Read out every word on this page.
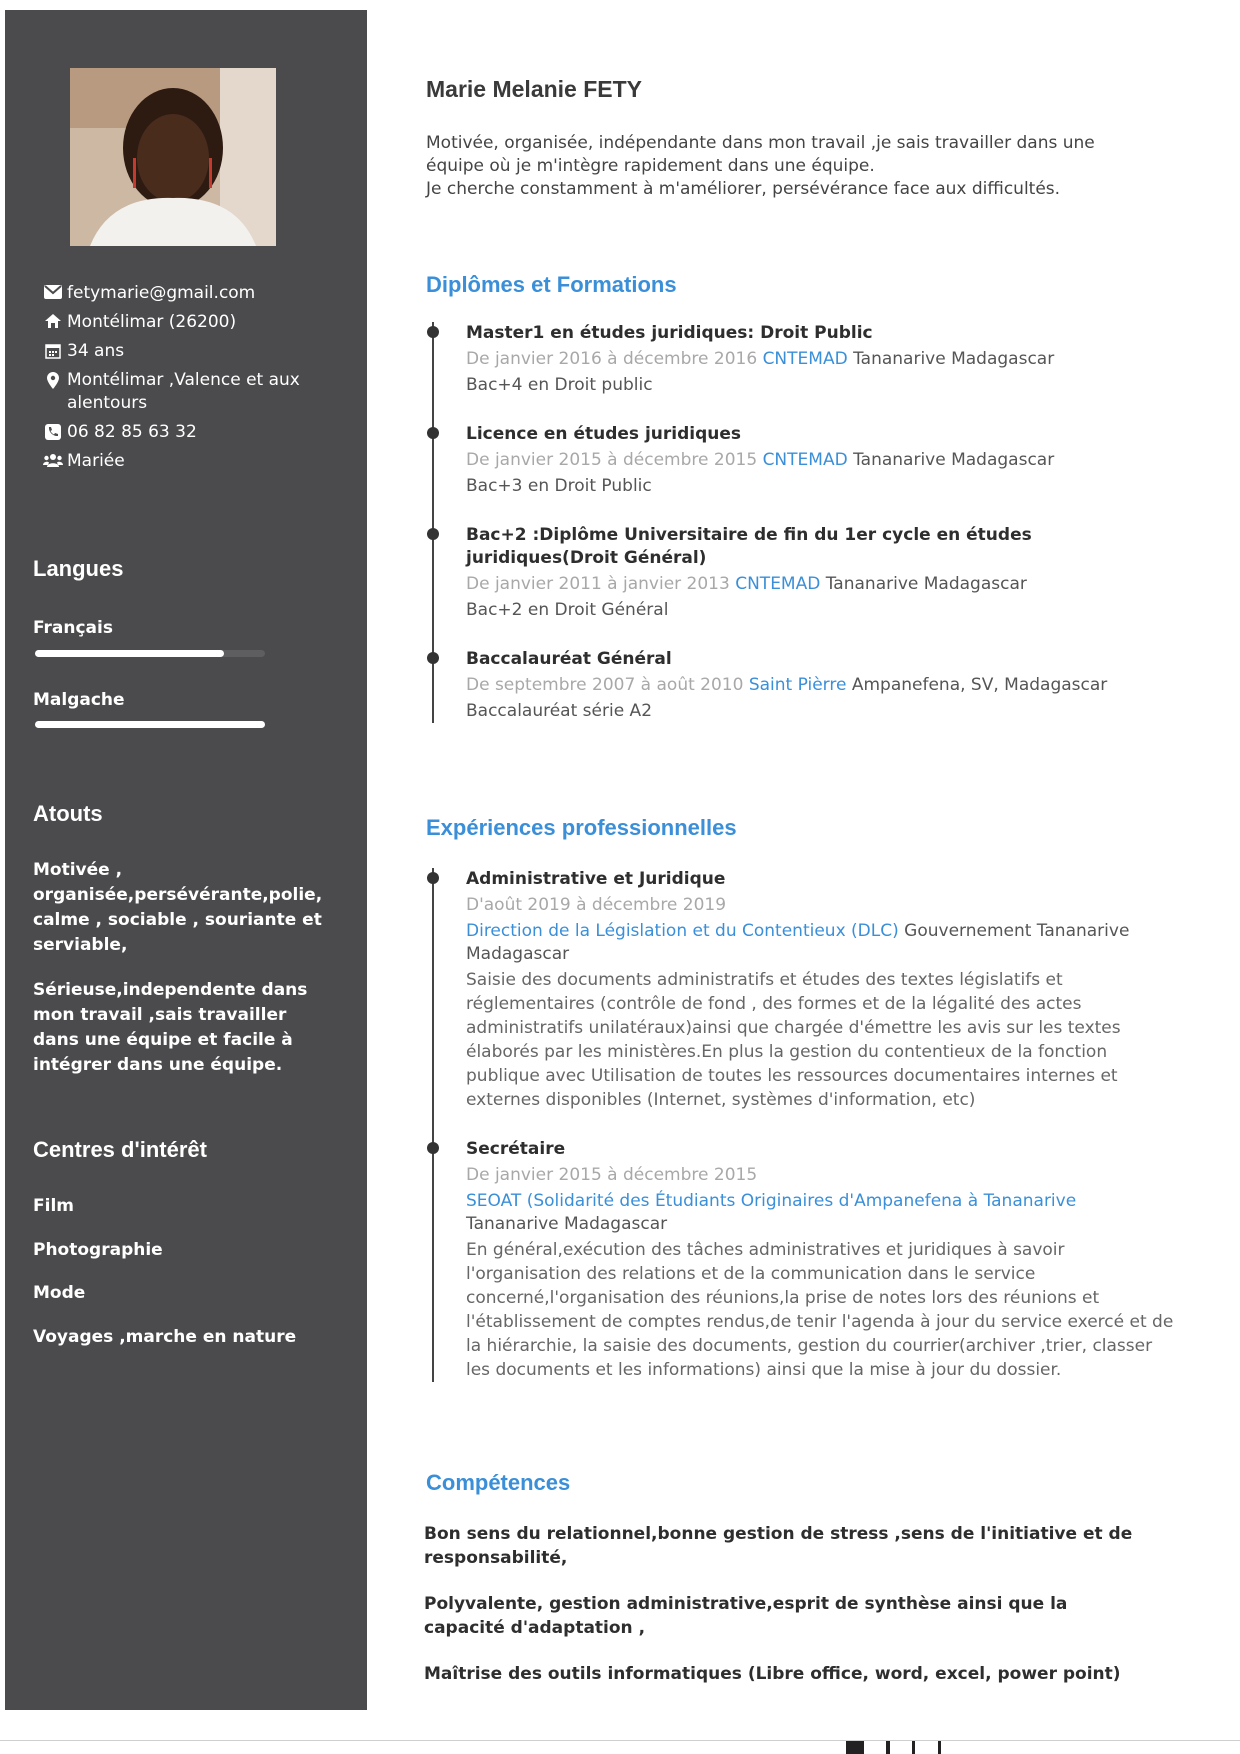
fetymarie@gmail.com
Montélimar (26200)
34 ans
Montélimar ,Valence et aux alentours
06 82 85 63 32
Mariée
Langues
Français
Malgache
Atouts
Motivée , organisée,persévérante,polie, calme , sociable , souriante et serviable,
Sérieuse,independente dans mon travail ,sais travailler dans une équipe et facile à intégrer dans une équipe.
Centres d'intérêt
Film
Photographie
Mode
Voyages ,marche en nature
Marie Melanie FETY
Motivée, organisée, indépendante dans mon travail ,je sais travailler dans une
équipe où je m'intègre rapidement dans une équipe.
Je cherche constamment à m'améliorer, persévérance face aux difficultés.
Diplômes et Formations
Master1 en études juridiques: Droit Public
De janvier 2016 à décembre 2016 CNTEMAD Tananarive Madagascar
Bac+4 en Droit public
Licence en études juridiques
De janvier 2015 à décembre 2015 CNTEMAD Tananarive Madagascar
Bac+3 en Droit Public
Bac+2 :Diplôme Universitaire de fin du 1er cycle en études juridiques(Droit Général)
De janvier 2011 à janvier 2013 CNTEMAD Tananarive Madagascar
Bac+2 en Droit Général
Baccalauréat Général
De septembre 2007 à août 2010 Saint Pièrre Ampanefena, SV, Madagascar
Baccalauréat série A2
Expériences professionnelles
Administrative et Juridique
D'août 2019 à décembre 2019
Direction de la Législation et du Contentieux (DLC) Gouvernement Tananarive Madagascar
Saisie des documents administratifs et études des textes législatifs et réglementaires (contrôle de fond , des formes et de la légalité des actes administratifs unilatéraux)ainsi que chargée d'émettre les avis sur les textes élaborés par les ministères.En plus la gestion du contentieux de la fonction publique avec Utilisation de toutes les ressources documentaires internes et externes disponibles (Internet, systèmes d'information, etc)
Secrétaire
De janvier 2015 à décembre 2015
SEOAT (Solidarité des Étudiants Originaires d'Ampanefena à Tananarive Tananarive Madagascar
En général,exécution des tâches administratives et juridiques à savoir l'organisation des relations et de la communication dans le service concerné,l'organisation des réunions,la prise de notes lors des réunions et l'établissement de comptes rendus,de tenir l'agenda à jour du service exercé et de la hiérarchie, la saisie des documents, gestion du courrier(archiver ,trier, classer les documents et les informations) ainsi que la mise à jour du dossier.
Compétences
Bon sens du relationnel,bonne gestion de stress ,sens de l'initiative et de responsabilité,
Polyvalente, gestion administrative,esprit de synthèse ainsi que la capacité d'adaptation ,
Maîtrise des outils informatiques (Libre office, word, excel, power point)
